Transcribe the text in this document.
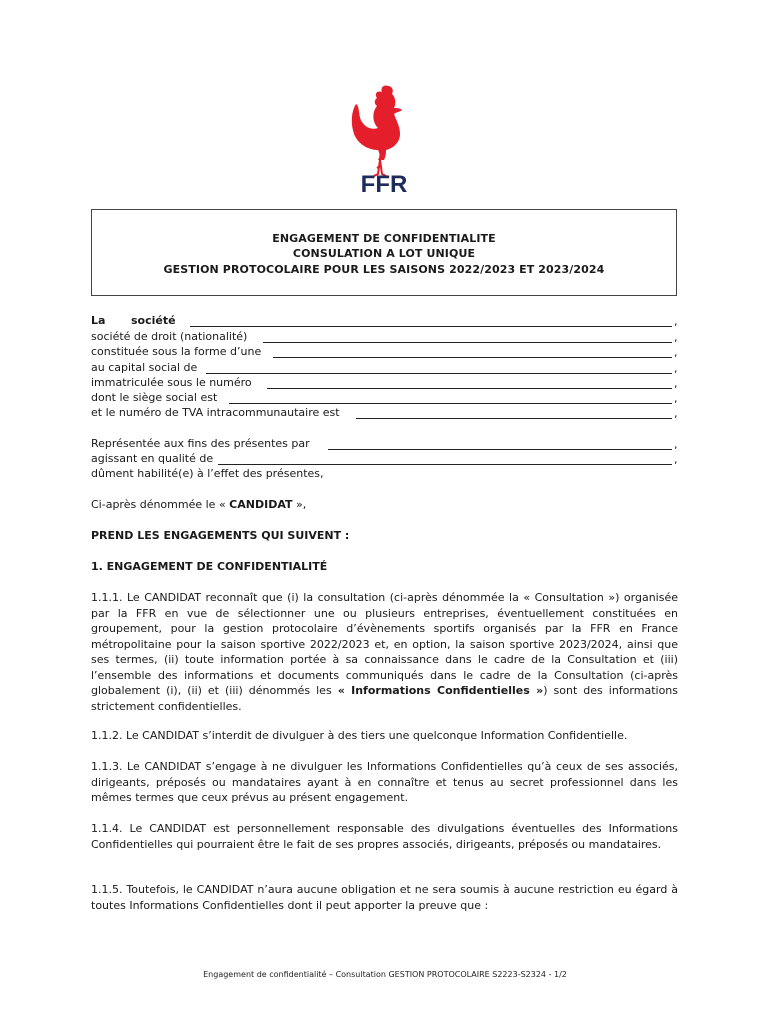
FFR
ENGAGEMENT DE CONFIDENTIALITE
CONSULATION A LOT UNIQUE
GESTION PROTOCOLAIRE POUR LES SAISONS 2022/2023 ET 2023/2024
La société	,
société de droit (nationalité)	,
constituée sous la forme d’une	,
au capital social de	,
immatriculée sous le numéro	,
dont le siège social est	,
et le numéro de TVA intracommunautaire est	,
Représentée aux fins des présentes par	,
agissant en qualité de	,
dûment habilité(e) à l’effet des présentes,
Ci-après dénommée le « CANDIDAT »,
PREND LES ENGAGEMENTS QUI SUIVENT :
1. ENGAGEMENT DE CONFIDENTIALITÉ
1.1.1. Le CANDIDAT reconnaît que (i) la consultation (ci-après dénommée la « Consultation ») organisée par la FFR en vue de sélectionner une ou plusieurs entreprises, éventuellement constituées en groupement, pour la gestion protocolaire d’évènements sportifs organisés par la FFR en France métropolitaine pour la saison sportive 2022/2023 et, en option, la saison sportive 2023/2024, ainsi que ses termes, (ii) toute information portée à sa connaissance dans le cadre de la Consultation et (iii) l’ensemble des informations et documents communiqués dans le cadre de la Consultation (ci-après globalement (i), (ii) et (iii) dénommés les « Informations Confidentielles ») sont des informations strictement confidentielles.
1.1.2. Le CANDIDAT s’interdit de divulguer à des tiers une quelconque Information Confidentielle.
1.1.3. Le CANDIDAT s’engage à ne divulguer les Informations Confidentielles qu’à ceux de ses associés, dirigeants, préposés ou mandataires ayant à en connaître et tenus au secret professionnel dans les mêmes termes que ceux prévus au présent engagement.
1.1.4. Le CANDIDAT est personnellement responsable des divulgations éventuelles des Informations Confidentielles qui pourraient être le fait de ses propres associés, dirigeants, préposés ou mandataires.
1.1.5. Toutefois, le CANDIDAT n’aura aucune obligation et ne sera soumis à aucune restriction eu égard à toutes Informations Confidentielles dont il peut apporter la preuve que :
Engagement de confidentialité – Consultation GESTION PROTOCOLAIRE S2223-S2324 - 1/2
